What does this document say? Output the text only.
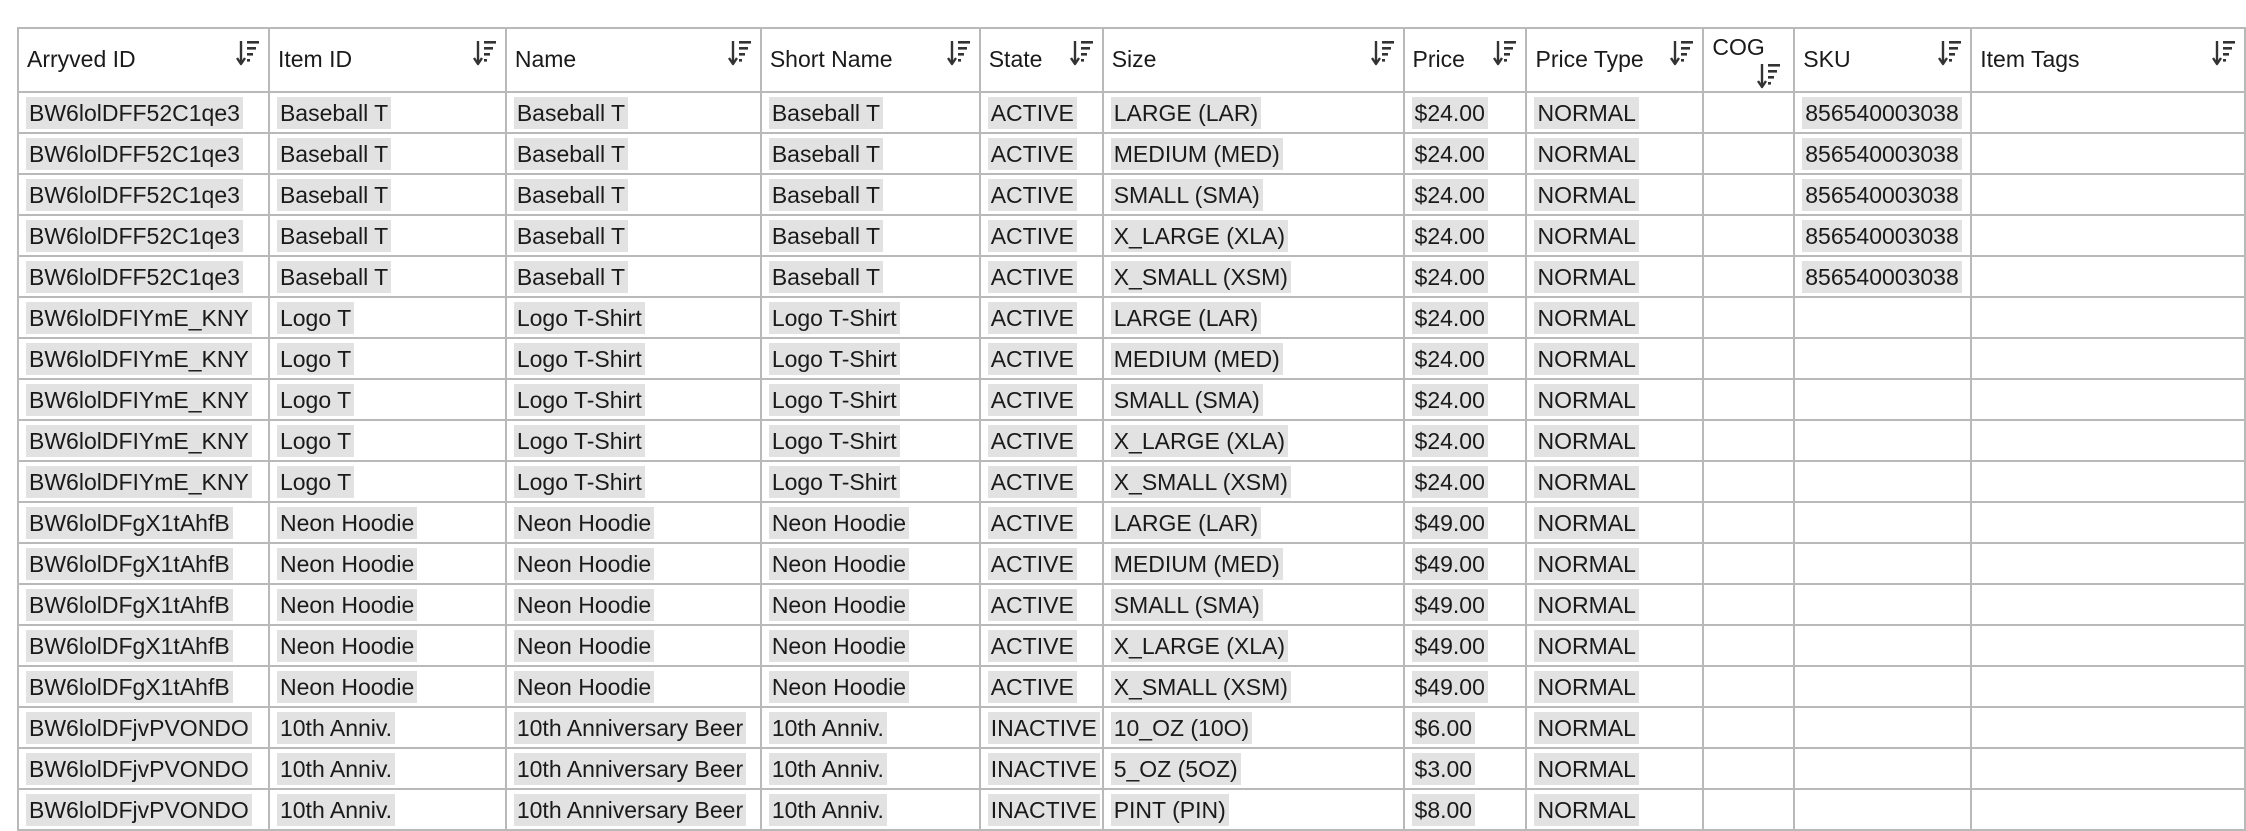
Arryved ID	Item ID	Name	Short Name	State	Size	Price	Price Type	COG	SKU	Item Tags

BW6lolDFF52C1qe3	Baseball T	Baseball T	Baseball T	ACTIVE	LARGE (LAR)	$24.00	NORMAL		856540003038	
BW6lolDFF52C1qe3	Baseball T	Baseball T	Baseball T	ACTIVE	MEDIUM (MED)	$24.00	NORMAL		856540003038	
BW6lolDFF52C1qe3	Baseball T	Baseball T	Baseball T	ACTIVE	SMALL (SMA)	$24.00	NORMAL		856540003038	
BW6lolDFF52C1qe3	Baseball T	Baseball T	Baseball T	ACTIVE	X_LARGE (XLA)	$24.00	NORMAL		856540003038	
BW6lolDFF52C1qe3	Baseball T	Baseball T	Baseball T	ACTIVE	X_SMALL (XSM)	$24.00	NORMAL		856540003038	
BW6lolDFIYmE_KNY	Logo T	Logo T-Shirt	Logo T-Shirt	ACTIVE	LARGE (LAR)	$24.00	NORMAL			
BW6lolDFIYmE_KNY	Logo T	Logo T-Shirt	Logo T-Shirt	ACTIVE	MEDIUM (MED)	$24.00	NORMAL			
BW6lolDFIYmE_KNY	Logo T	Logo T-Shirt	Logo T-Shirt	ACTIVE	SMALL (SMA)	$24.00	NORMAL			
BW6lolDFIYmE_KNY	Logo T	Logo T-Shirt	Logo T-Shirt	ACTIVE	X_LARGE (XLA)	$24.00	NORMAL			
BW6lolDFIYmE_KNY	Logo T	Logo T-Shirt	Logo T-Shirt	ACTIVE	X_SMALL (XSM)	$24.00	NORMAL			
BW6lolDFgX1tAhfB	Neon Hoodie	Neon Hoodie	Neon Hoodie	ACTIVE	LARGE (LAR)	$49.00	NORMAL			
BW6lolDFgX1tAhfB	Neon Hoodie	Neon Hoodie	Neon Hoodie	ACTIVE	MEDIUM (MED)	$49.00	NORMAL			
BW6lolDFgX1tAhfB	Neon Hoodie	Neon Hoodie	Neon Hoodie	ACTIVE	SMALL (SMA)	$49.00	NORMAL			
BW6lolDFgX1tAhfB	Neon Hoodie	Neon Hoodie	Neon Hoodie	ACTIVE	X_LARGE (XLA)	$49.00	NORMAL			
BW6lolDFgX1tAhfB	Neon Hoodie	Neon Hoodie	Neon Hoodie	ACTIVE	X_SMALL (XSM)	$49.00	NORMAL			
BW6lolDFjvPVONDO	10th Anniv.	10th Anniversary Beer	10th Anniv.	INACTIVE	10_OZ (10O)	$6.00	NORMAL			
BW6lolDFjvPVONDO	10th Anniv.	10th Anniversary Beer	10th Anniv.	INACTIVE	5_OZ (5OZ)	$3.00	NORMAL			
BW6lolDFjvPVONDO	10th Anniv.	10th Anniversary Beer	10th Anniv.	INACTIVE	PINT (PIN)	$8.00	NORMAL			
